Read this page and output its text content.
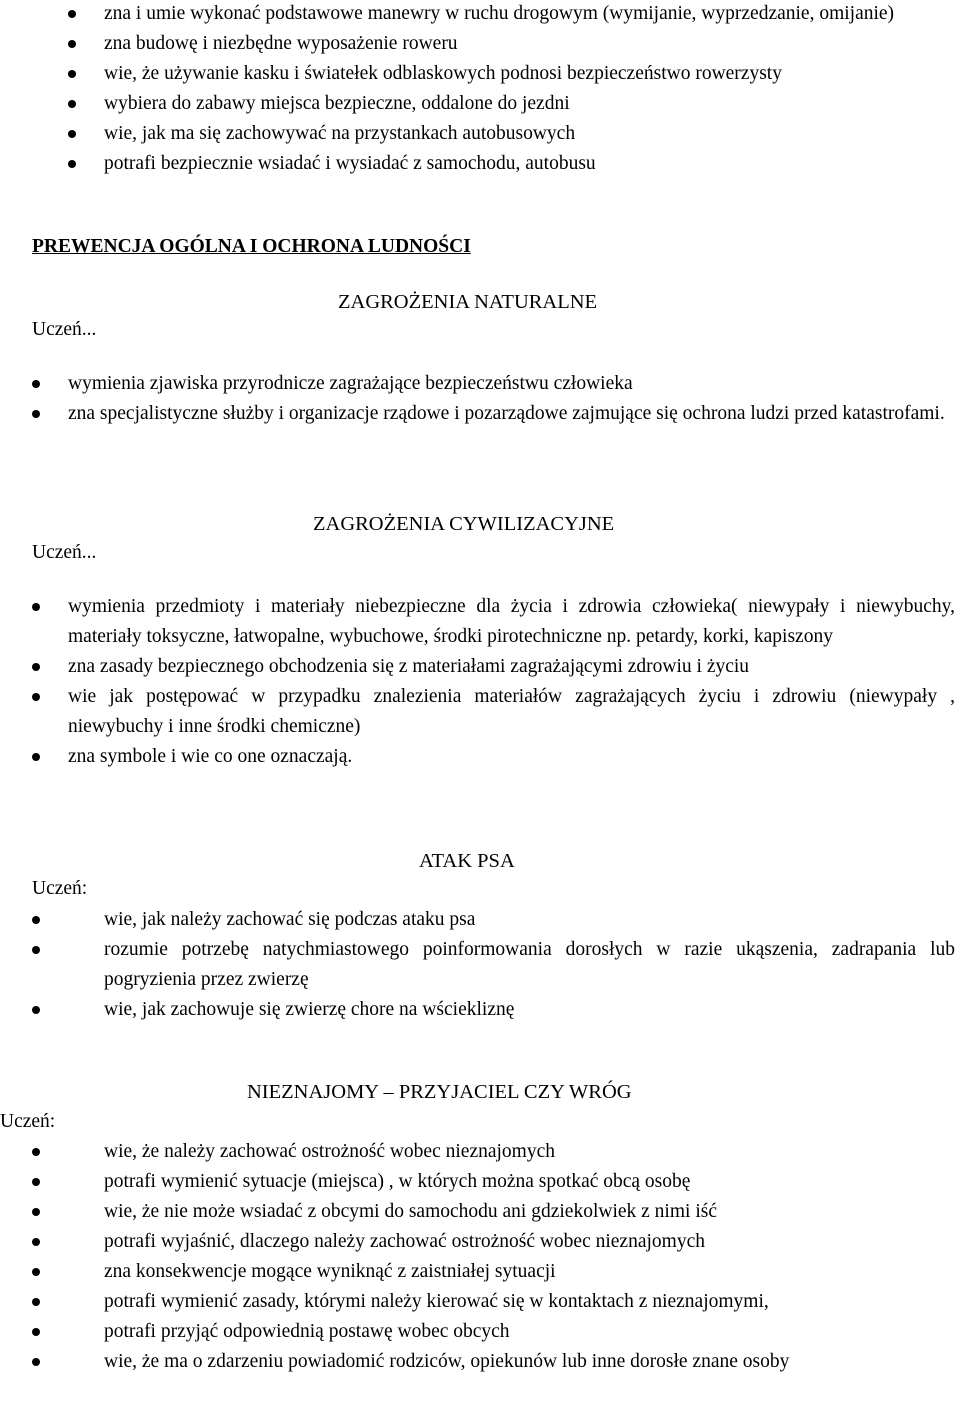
zna i umie wykonać podstawowe manewry w ruchu drogowym (wymijanie, wyprzedzanie, omijanie)
zna budowę i niezbędne wyposażenie roweru
wie, że używanie kasku i światełek odblaskowych podnosi bezpieczeństwo rowerzysty
wybiera do zabawy miejsca bezpieczne, oddalone do jezdni
wie, jak ma się zachowywać na przystankach autobusowych
potrafi bezpiecznie wsiadać i wysiadać z samochodu, autobusu
PREWENCJA OGÓLNA I OCHRONA LUDNOŚCI
ZAGROŻENIA NATURALNE
Uczeń...
wymienia zjawiska przyrodnicze zagrażające bezpieczeństwu człowieka
zna specjalistyczne służby i organizacje rządowe i pozarządowe zajmujące się ochrona ludzi przed katastrofami.
ZAGROŻENIA CYWILIZACYJNE
Uczeń...
wymienia przedmioty i materiały niebezpieczne dla życia i zdrowia człowieka( niewypały i niewybuchy, materiały toksyczne, łatwopalne, wybuchowe, środki pirotechniczne np. petardy, korki, kapiszony
zna zasady bezpiecznego obchodzenia się z materiałami zagrażającymi zdrowiu i życiu
wie jak postępować w przypadku znalezienia materiałów zagrażających życiu i zdrowiu (niewypały , niewybuchy i inne środki chemiczne)
zna symbole i wie co one oznaczają.
ATAK PSA
Uczeń:
wie, jak należy zachować się podczas ataku psa
rozumie potrzebę natychmiastowego poinformowania dorosłych w razie ukąszenia, zadrapania lub pogryzienia przez zwierzę
wie, jak zachowuje się zwierzę chore na wściekliznę
NIEZNAJOMY – PRZYJACIEL CZY WRÓG
Uczeń:
wie, że należy zachować ostrożność wobec nieznajomych
potrafi wymienić sytuacje (miejsca) , w których można spotkać obcą osobę
wie, że nie może wsiadać z obcymi do samochodu ani gdziekolwiek z nimi iść
potrafi wyjaśnić, dlaczego należy zachować ostrożność wobec nieznajomych
zna konsekwencje mogące wyniknąć z zaistniałej sytuacji
potrafi wymienić zasady, którymi należy kierować się w kontaktach z nieznajomymi,
potrafi przyjąć odpowiednią postawę wobec obcych
wie, że ma o zdarzeniu powiadomić rodziców, opiekunów lub inne dorosłe znane osoby
